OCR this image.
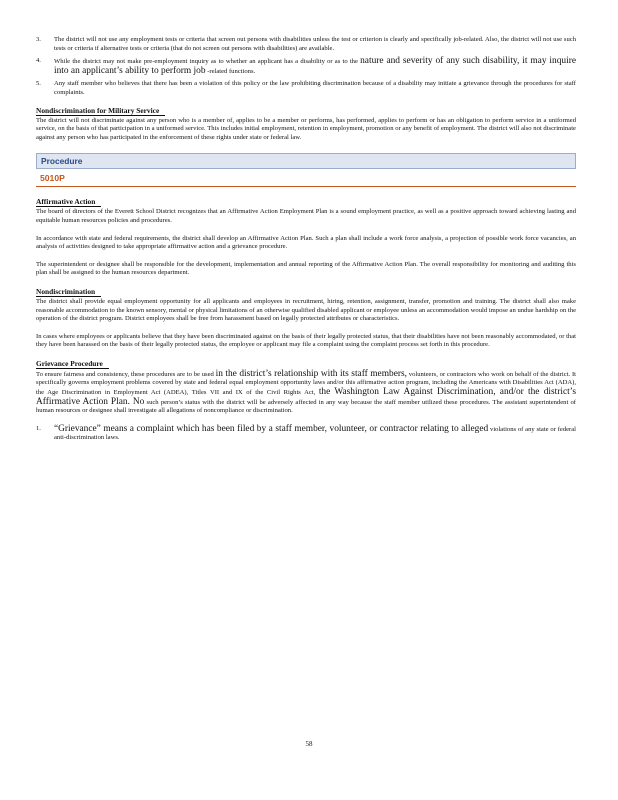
3. The district will not use any employment tests or criteria that screen out persons with disabilities unless the test or criterion is clearly and specifically job-related. Also, the district will not use such tests or criteria if alternative tests or criteria (that do not screen out persons with disabilities) are available.

4. While the district may not make pre-employment inquiry as to whether an applicant has a disability or as to the nature and severity of any such disability, it may inquire into an applicant’s ability to perform job -related functions.

5. Any staff member who believes that there has been a violation of this policy or the law prohibiting discrimination because of a disability may initiate a grievance through the procedures for staff complaints.

Nondiscrimination for Military Service

The district will not discriminate against any person who is a member of, applies to be a member or performs, has performed, applies to perform or has an obligation to perform service in a uniformed service, on the basis of that participation in a uniformed service. This includes initial employment, retention in employment, promotion or any benefit of employment. The district will also not discriminate against any person who has participated in the enforcement of these rights under state or federal law.

Procedure
5010P
Affirmative Action

The board of directors of the Everett School District recognizes that an Affirmative Action Employment Plan is a sound employment practice, as well as a positive approach toward achieving lasting and equitable human resources policies and procedures.

In accordance with state and federal requirements, the district shall develop an Affirmative Action Plan. Such a plan shall include a work force analysis, a projection of possible work force vacancies, an analysis of activities designed to take appropriate affirmative action and a grievance procedure.

The superintendent or designee shall be responsible for the development, implementation and annual reporting of the Affirmative Action Plan. The overall responsibility for monitoring and auditing this plan shall be assigned to the human resources department.

Nondiscrimination

The district shall provide equal employment opportunity for all applicants and employees in recruitment, hiring, retention, assignment, transfer, promotion and training. The district shall also make reasonable accommodation to the known sensory, mental or physical limitations of an otherwise qualified disabled applicant or employee unless an accommodation would impose an undue hardship on the operation of the district program. District employees shall be free from harassment based on legally protected attributes or characteristics.

In cases where employees or applicants believe that they have been discriminated against on the basis of their legally protected status, that their disabilities have not been reasonably accommodated, or that they have been harassed on the basis of their legally protected status, the employee or applicant may file a complaint using the complaint process set forth in this procedure.

Grievance Procedure

To ensure fairness and consistency, these procedures are to be used in the district’s relationship with its staff members, volunteers, or contractors who work on behalf of the district. It specifically governs employment problems covered by state and federal equal employment opportunity laws and/or this affirmative action program, including the Americans with Disabilities Act (ADA), the Age Discrimination in Employment Act (ADEA), Titles VII and IX of the Civil Rights Act, the Washington Law Against Discrimination, and/or the district’s Affirmative Action Plan. No such person’s status with the district will be adversely affected in any way because the staff member utilized these procedures. The assistant superintendent of human resources or designee shall investigate all allegations of noncompliance or discrimination.

1. “Grievance” means a complaint which has been filed by a staff member, volunteer, or contractor relating to alleged violations of any state or federal anti-discrimination laws.

58
